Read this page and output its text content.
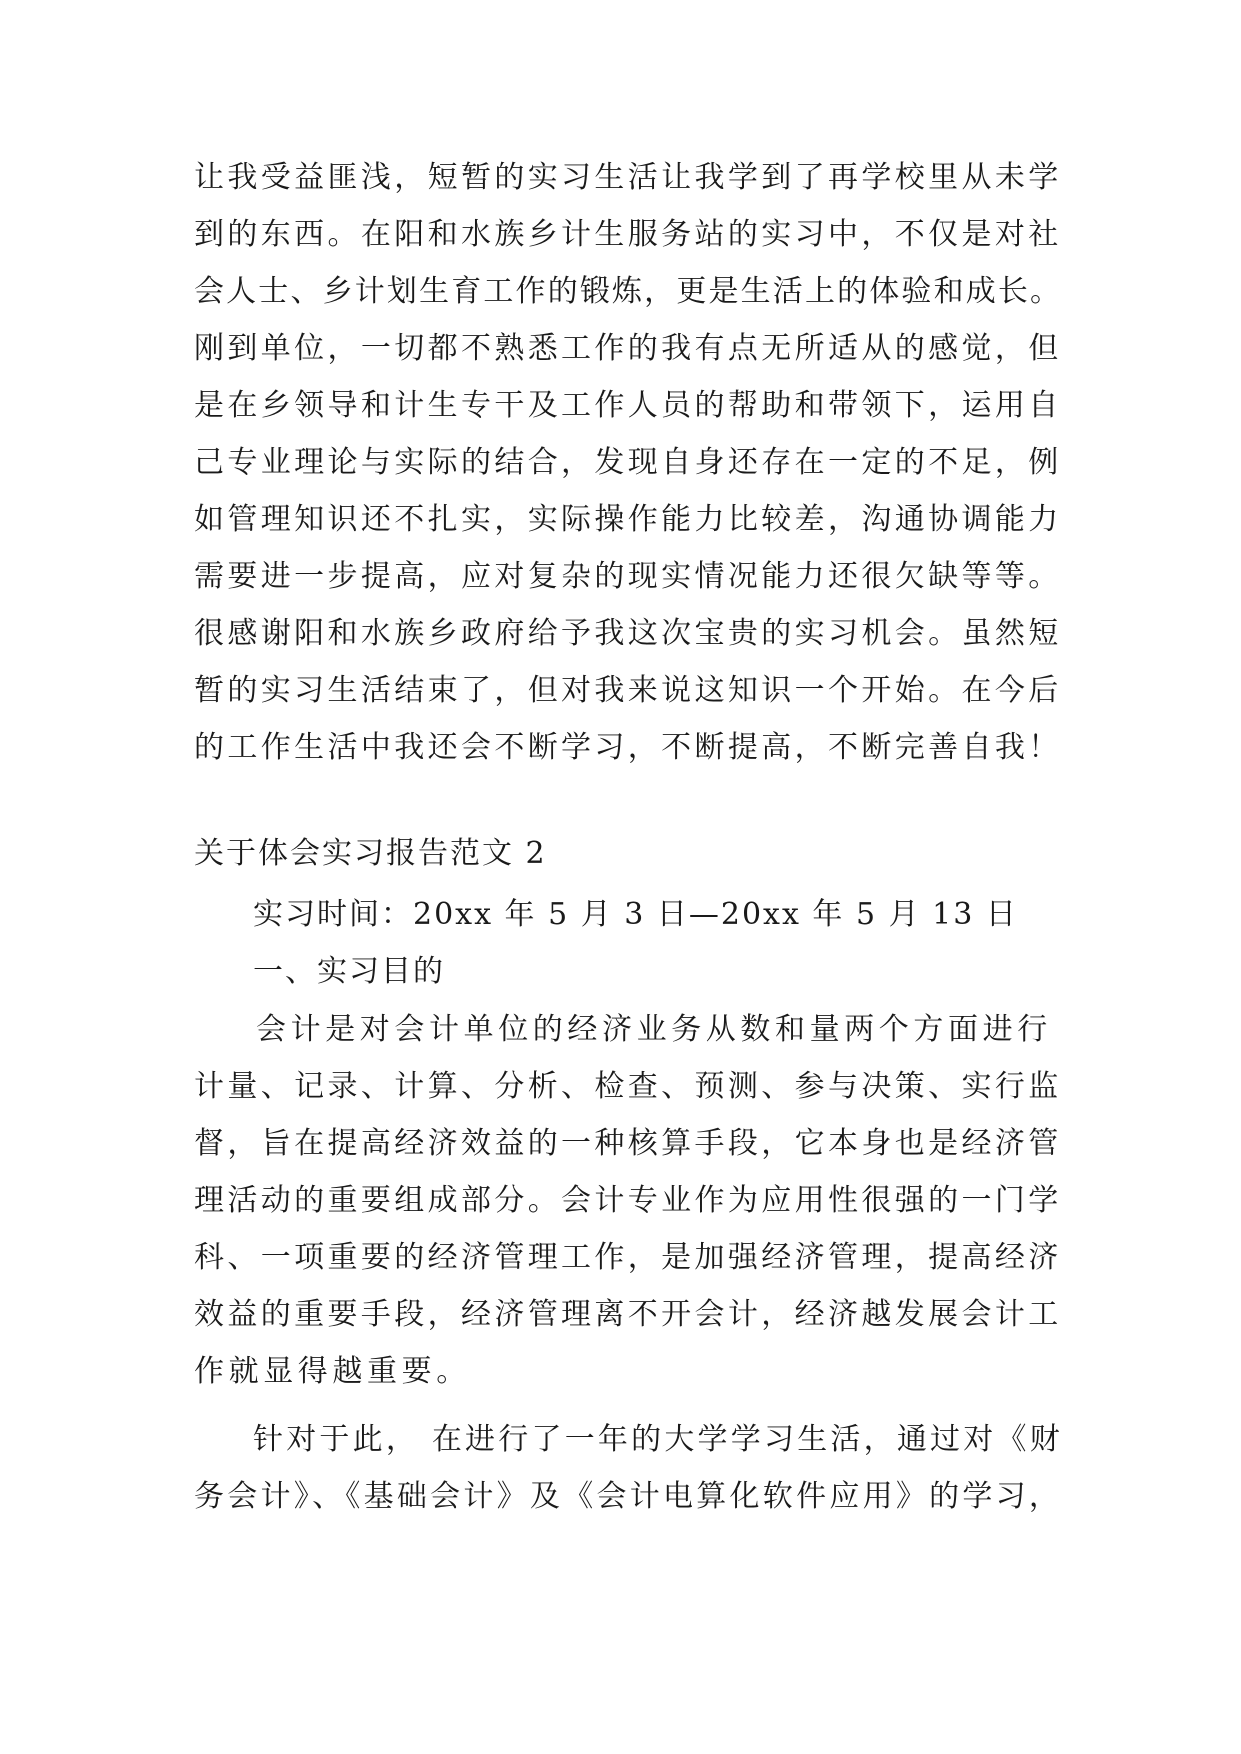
让我受益匪浅，短暂的实习生活让我学到了再学校里从未学
到的东西。在阳和水族乡计生服务站的实习中，不仅是对社
会人士、乡计划生育工作的锻炼，更是生活上的体验和成长。
刚到单位，一切都不熟悉工作的我有点无所适从的感觉，但
是在乡领导和计生专干及工作人员的帮助和带领下，运用自
己专业理论与实际的结合，发现自身还存在一定的不足，例
如管理知识还不扎实，实际操作能力比较差，沟通协调能力
需要进一步提高，应对复杂的现实情况能力还很欠缺等等。
很感谢阳和水族乡政府给予我这次宝贵的实习机会。虽然短
暂的实习生活结束了，但对我来说这知识一个开始。在今后
的工作生活中我还会不断学习，不断提高，不断完善自我！
关于体会实习报告范文 2
实习时间：20xx 年 5 月 3 日—20xx 年 5 月 13 日
一、实习目的
会计是对会计单位的经济业务从数和量两个方面进行
计量、记录、计算、分析、检查、预测、参与决策、实行监
督，旨在提高经济效益的一种核算手段，它本身也是经济管
理活动的重要组成部分。会计专业作为应用性很强的一门学
科、一项重要的经济管理工作，是加强经济管理，提高经济
效益的重要手段，经济管理离不开会计，经济越发展会计工
作就显得越重要。
针对于此， 在进行了一年的大学学习生活，通过对《财
务会计》、《基础会计》及《会计电算化软件应用》的学习，
